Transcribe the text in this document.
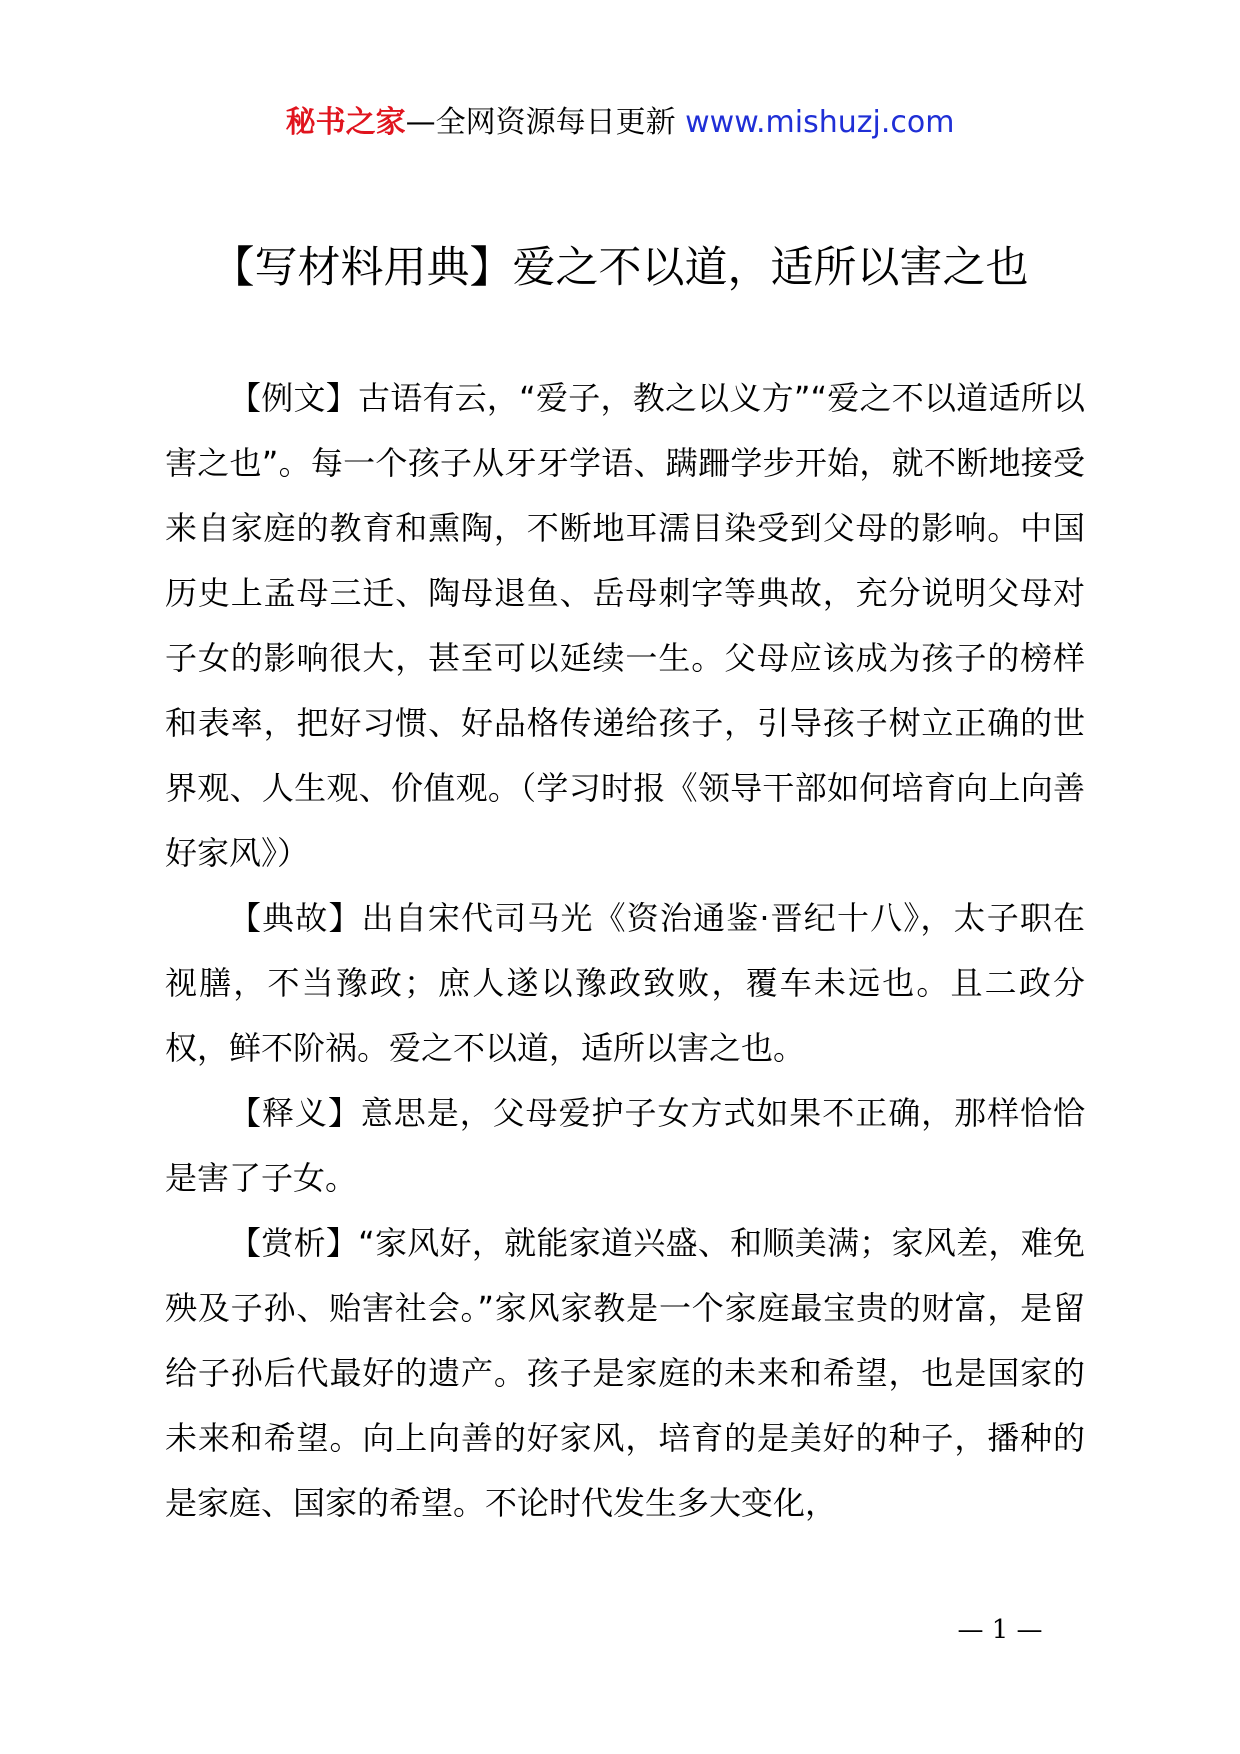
秘书之家—全网资源每日更新 www.mishuzj.com
【写材料用典】爱之不以道，适所以害之也

【例文】古语有云，“爱子，教之以义方”“爱之不以道适所以害之也”。每一个孩子从牙牙学语、蹒跚学步开始，就不断地接受来自家庭的教育和熏陶，不断地耳濡目染受到父母的影响。中国历史上孟母三迁、陶母退鱼、岳母刺字等典故，充分说明父母对子女的影响很大，甚至可以延续一生。父母应该成为孩子的榜样和表率，把好习惯、好品格传递给孩子，引导孩子树立正确的世界观、人生观、价值观。（学习时报《领导干部如何培育向上向善好家风》）

【典故】出自宋代司马光《资治通鉴·晋纪十八》，太子职在视膳，不当豫政；庶人遂以豫政致败，覆车未远也。且二政分权，鲜不阶祸。爱之不以道，适所以害之也。

【释义】意思是，父母爱护子女方式如果不正确，那样恰恰是害了子女。

【赏析】“家风好，就能家道兴盛、和顺美满；家风差，难免殃及子孙、贻害社会。”家风家教是一个家庭最宝贵的财富，是留给子孙后代最好的遗产。孩子是家庭的未来和希望，也是国家的未来和希望。向上向善的好家风，培育的是美好的种子，播种的是家庭、国家的希望。不论时代发生多大变化，

— 1 —
